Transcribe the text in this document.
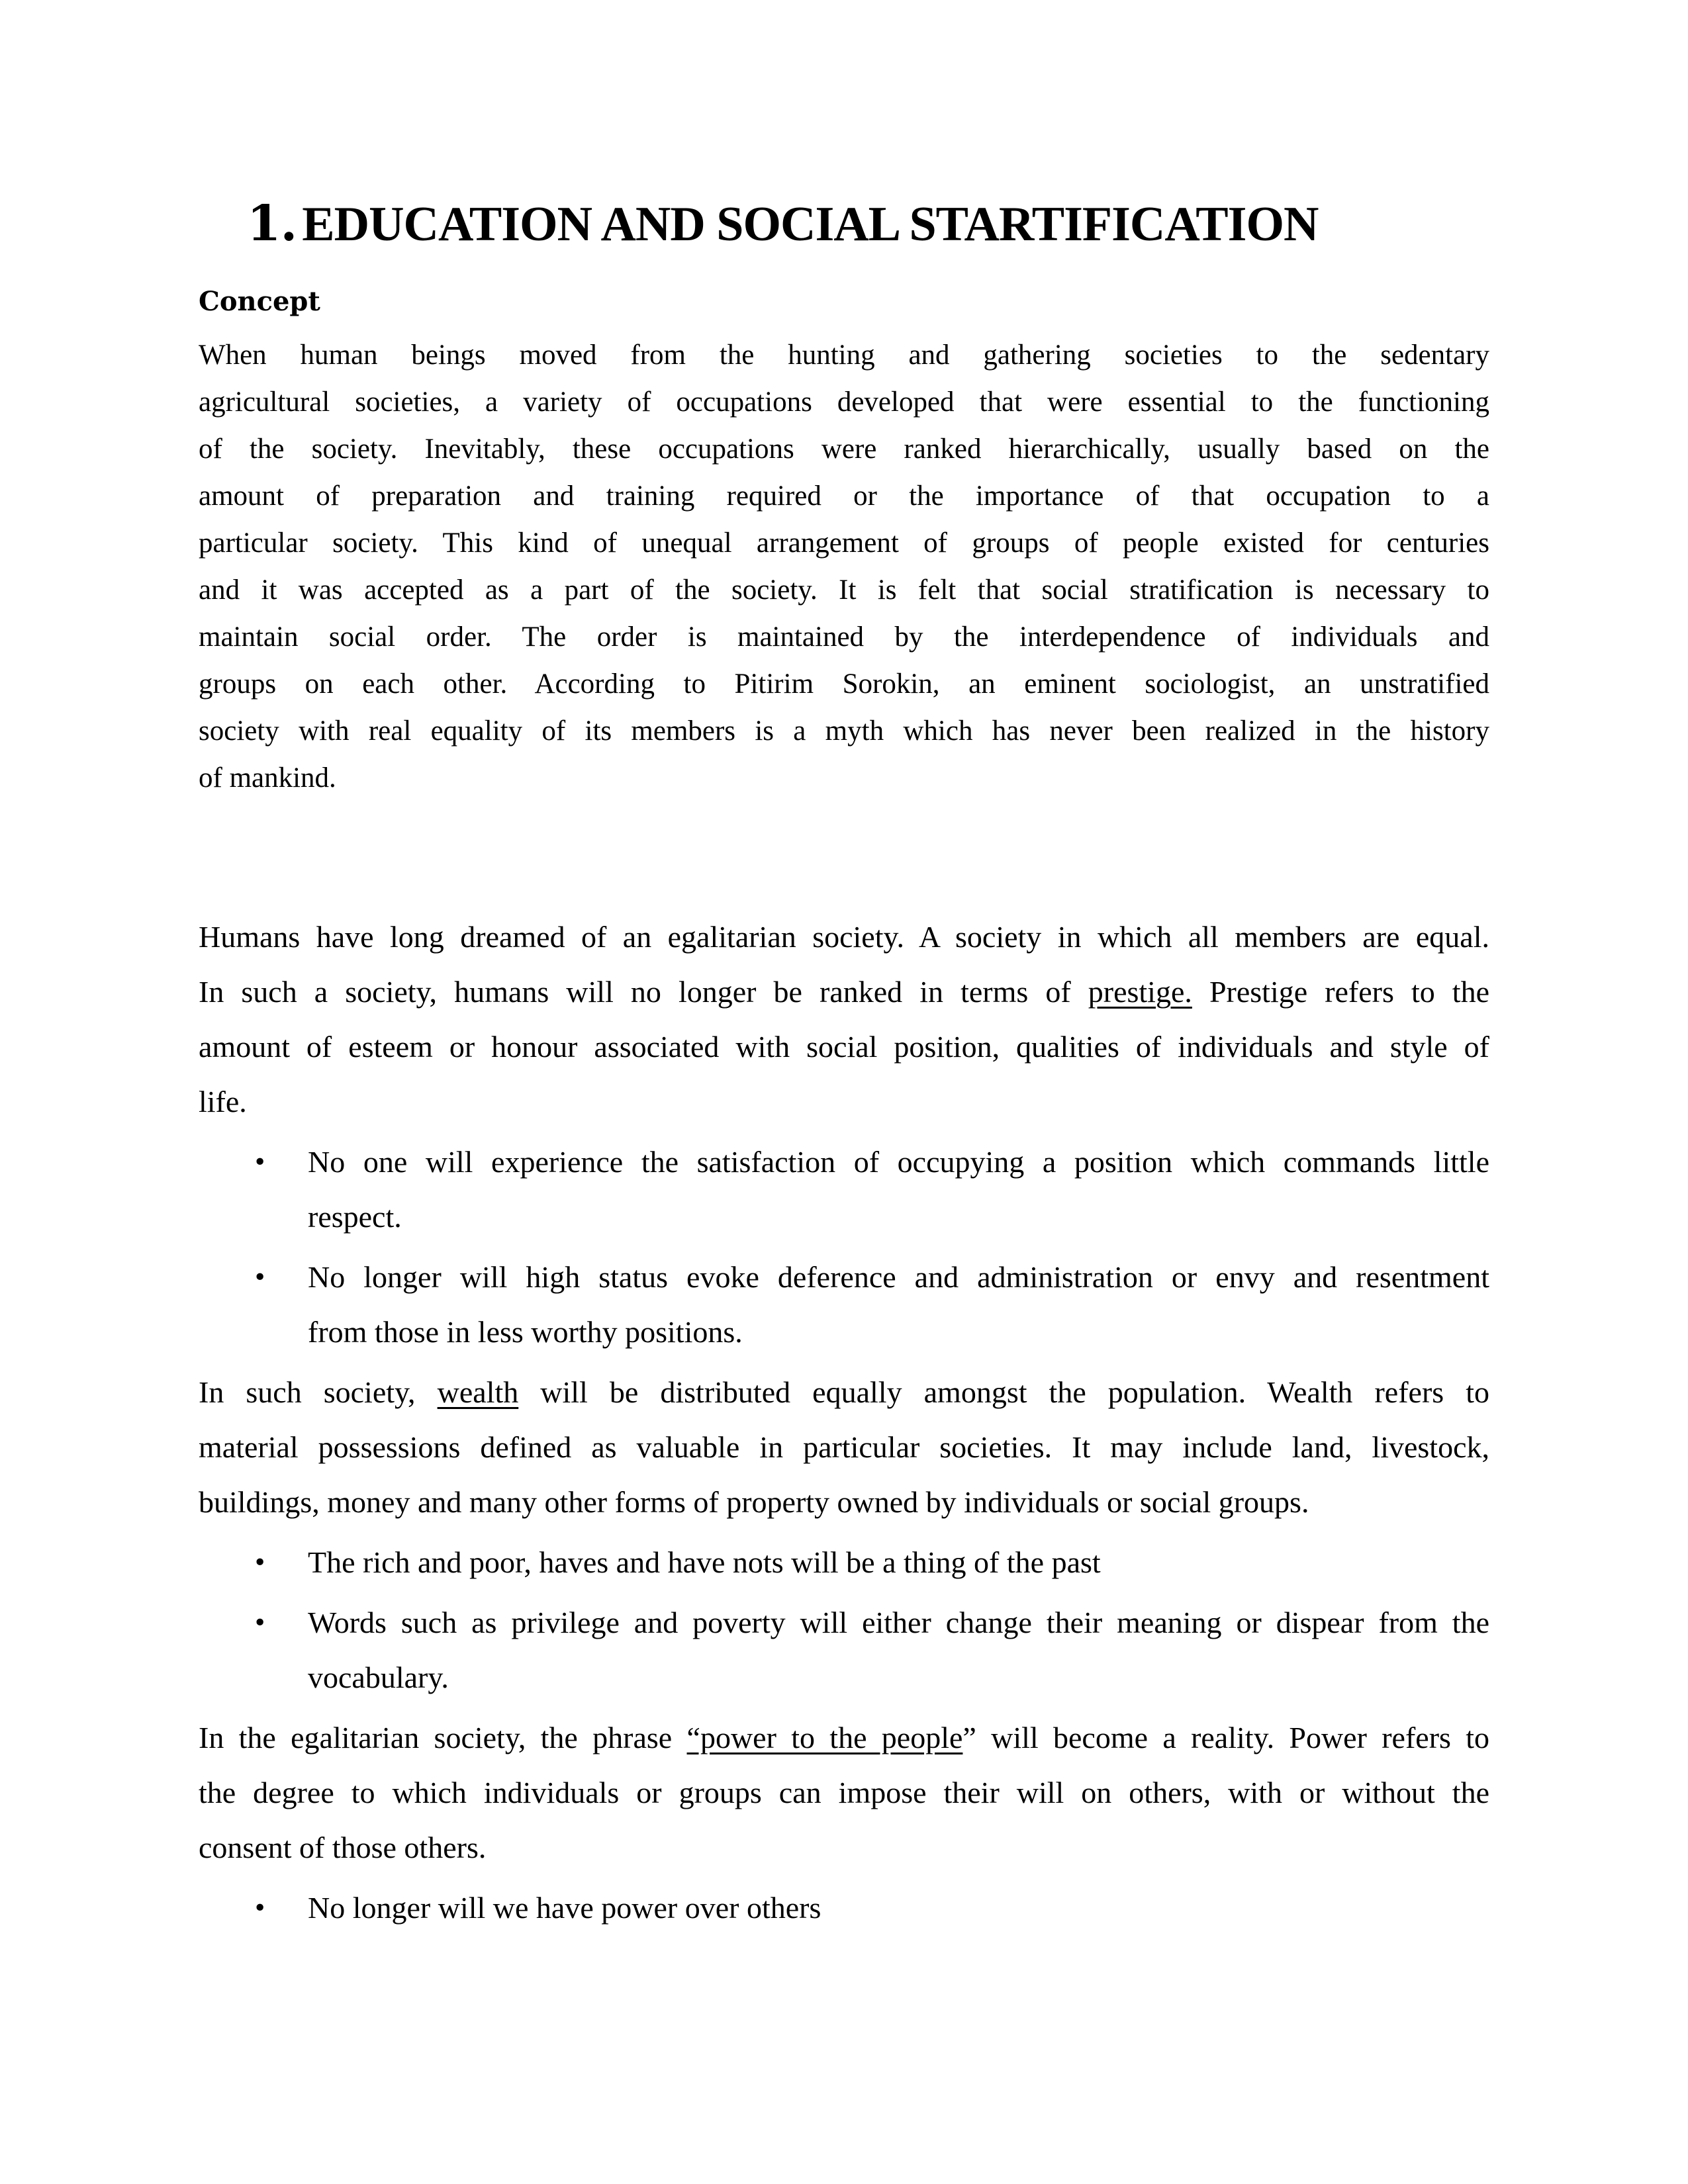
1. EDUCATION AND SOCIAL STARTIFICATION
Concept
When human beings moved from the hunting and gathering societies to the sedentary
agricultural societies, a variety of occupations developed that were essential to the functioning
of the society. Inevitably, these occupations were ranked hierarchically, usually based on the
amount of preparation and training required or the importance of that occupation to a
particular society. This kind of unequal arrangement of groups of people existed for centuries
and it was accepted as a part of the society. It is felt that social stratification is necessary to
maintain social order. The order is maintained by the interdependence of individuals and
groups on each other. According to Pitirim Sorokin, an eminent sociologist, an unstratified
society with real equality of its members is a myth which has never been realized in the history
of mankind.
Humans have long dreamed of an egalitarian society. A society in which all members are equal.
In such a society, humans will no longer be ranked in terms of prestige. Prestige refers to the
amount of esteem or honour associated with social position, qualities of individuals and style of
life.
• No one will experience the satisfaction of occupying a position which commands little
respect.
• No longer will high status evoke deference and administration or envy and resentment
from those in less worthy positions.
In such society, wealth will be distributed equally amongst the population. Wealth refers to
material possessions defined as valuable in particular societies. It may include land, livestock,
buildings, money and many other forms of property owned by individuals or social groups.
• The rich and poor, haves and have nots will be a thing of the past
• Words such as privilege and poverty will either change their meaning or dispear from the
vocabulary.
In the egalitarian society, the phrase “power to the people” will become a reality. Power refers to
the degree to which individuals or groups can impose their will on others, with or without the
consent of those others.
• No longer will we have power over others
